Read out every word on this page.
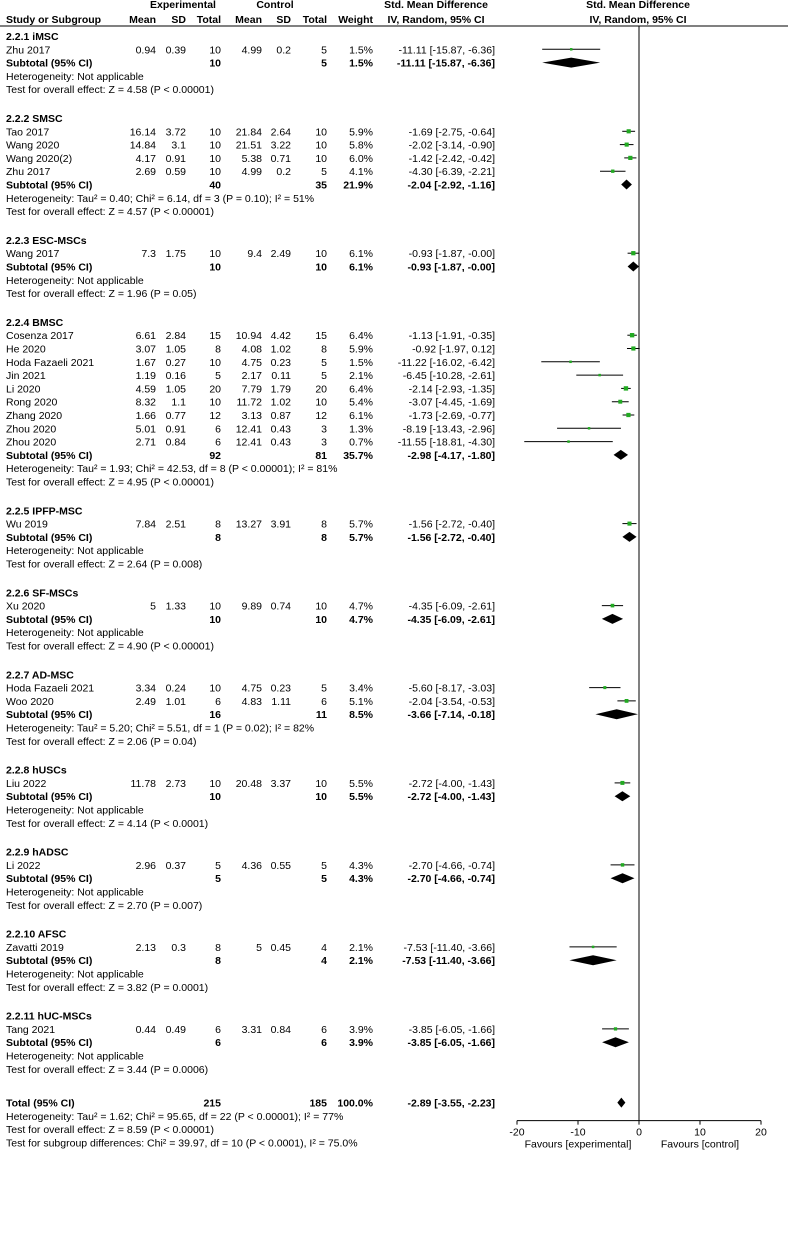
Experimental	Control	Std. Mean Difference	Std. Mean Difference
Study or Subgroup	Mean SD Total Mean SD Total Weight IV, Random, 95% CI	IV, Random, 95% CI
2.2.1 iMSC
Zhu 2017	0.94 0.39 10 4.99 0.2	5 1.5% -11.11 [-15.87, -6.36]
Subtotal (95% CI)	10	5 1.5% -11.11 [-15.87, -6.36]
Heterogeneity: Not applicable
Test for overall effect: Z = 4.58 (P < 0.00001)
2.2.2 SMSC
Tao 2017	16.14 3.72 10 21.84 2.64 10 5.9%	-1.69 [-2.75, -0.64]
Wang 2020	14.84 3.1 10 21.51 3.22 10 5.8%	-2.02 [-3.14, -0.90]
Wang 2020(2)	4.17 0.91 10 5.38 0.71 10 6.0%	-1.42 [-2.42, -0.42]
Zhu 2017	2.69 0.59 10 4.99 0.2	5 4.1%	-4.30 [-6.39, -2.21]
Subtotal (95% CI)	40	35 21.9%	-2.04 [-2.92, -1.16]
Heterogeneity: Tau² = 0.40; Chi² = 6.14, df = 3 (P = 0.10); I² = 51%
Test for overall effect: Z = 4.57 (P < 0.00001)
2.2.3 ESC-MSCs
Wang 2017	7.3 1.75 10	9.4 2.49 10 6.1%	-0.93 [-1.87, -0.00]
Subtotal (95% CI)	10	10 6.1%	-0.93 [-1.87, -0.00]
Heterogeneity: Not applicable
Test for overall effect: Z = 1.96 (P = 0.05)
2.2.4 BMSC
Cosenza 2017	6.61 2.84 15 10.94 4.42 15 6.4%	-1.13 [-1.91, -0.35]
He 2020	3.07 1.05	8 4.08 1.02	8 5.9%	-0.92 [-1.97, 0.12]
Hoda Fazaeli 2021	1.67 0.27 10 4.75 0.23	5 1.5% -11.22 [-16.02, -6.42]
Jin 2021	1.19 0.16	5 2.17 0.11	5 2.1%	-6.45 [-10.28, -2.61]
Li 2020	4.59 1.05 20 7.79 1.79 20 6.4%	-2.14 [-2.93, -1.35]
Rong 2020	8.32 1.1 10 11.72 1.02 10 5.4%	-3.07 [-4.45, -1.69]
Zhang 2020	1.66 0.77 12 3.13 0.87 12 6.1%	-1.73 [-2.69, -0.77]
Zhou 2020	5.01 0.91	6 12.41 0.43	3 1.3%	-8.19 [-13.43, -2.96]
Zhou 2020	2.71 0.84	6 12.41 0.43	3 0.7% -11.55 [-18.81, -4.30]
Subtotal (95% CI)	92	81 35.7%	-2.98 [-4.17, -1.80]
Heterogeneity: Tau² = 1.93; Chi² = 42.53, df = 8 (P < 0.00001); I² = 81%
Test for overall effect: Z = 4.95 (P < 0.00001)
2.2.5 IPFP-MSC
Wu 2019	7.84 2.51	8 13.27 3.91	8 5.7%	-1.56 [-2.72, -0.40]
Subtotal (95% CI)	8	8 5.7%	-1.56 [-2.72, -0.40]
Heterogeneity: Not applicable
Test for overall effect: Z = 2.64 (P = 0.008)
2.2.6 SF-MSCs
Xu 2020	5 1.33 10 9.89 0.74 10 4.7%	-4.35 [-6.09, -2.61]
Subtotal (95% CI)	10	10 4.7%	-4.35 [-6.09, -2.61]
Heterogeneity: Not applicable
Test for overall effect: Z = 4.90 (P < 0.00001)
2.2.7 AD-MSC
Hoda Fazaeli 2021	3.34 0.24 10 4.75 0.23	5 3.4%	-5.60 [-8.17, -3.03]
Woo 2020	2.49 1.01	6 4.83 1.11	6 5.1%	-2.04 [-3.54, -0.53]
Subtotal (95% CI)	16	11 8.5%	-3.66 [-7.14, -0.18]
Heterogeneity: Tau² = 5.20; Chi² = 5.51, df = 1 (P = 0.02); I² = 82%
Test for overall effect: Z = 2.06 (P = 0.04)
2.2.8 hUSCs
Liu 2022	11.78 2.73 10 20.48 3.37 10 5.5%	-2.72 [-4.00, -1.43]
Subtotal (95% CI)	10	10 5.5%	-2.72 [-4.00, -1.43]
Heterogeneity: Not applicable
Test for overall effect: Z = 4.14 (P < 0.0001)
2.2.9 hADSC
Li 2022	2.96 0.37	5 4.36 0.55	5 4.3%	-2.70 [-4.66, -0.74]
Subtotal (95% CI)	5	5 4.3%	-2.70 [-4.66, -0.74]
Heterogeneity: Not applicable
Test for overall effect: Z = 2.70 (P = 0.007)
2.2.10 AFSC
Zavatti 2019	2.13 0.3	8	5 0.45	4 2.1%	-7.53 [-11.40, -3.66]
Subtotal (95% CI)	8	4 2.1%	-7.53 [-11.40, -3.66]
Heterogeneity: Not applicable
Test for overall effect: Z = 3.82 (P = 0.0001)
2.2.11 hUC-MSCs
Tang 2021	0.44 0.49	6 3.31 0.84	6 3.9%	-3.85 [-6.05, -1.66]
Subtotal (95% CI)	6	6 3.9%	-3.85 [-6.05, -1.66]
Heterogeneity: Not applicable
Test for overall effect: Z = 3.44 (P = 0.0006)
Total (95% CI)	215	185 100.0%	-2.89 [-3.55, -2.23]
Heterogeneity: Tau² = 1.62; Chi² = 95.65, df = 22 (P < 0.00001); I² = 77%
Test for overall effect: Z = 8.59 (P < 0.00001)
Test for subgroup differences: Chi² = 39.97, df = 10 (P < 0.0001), I² = 75.0%
-20	-10	0	10	20
Favours [experimental]	Favours [control]
